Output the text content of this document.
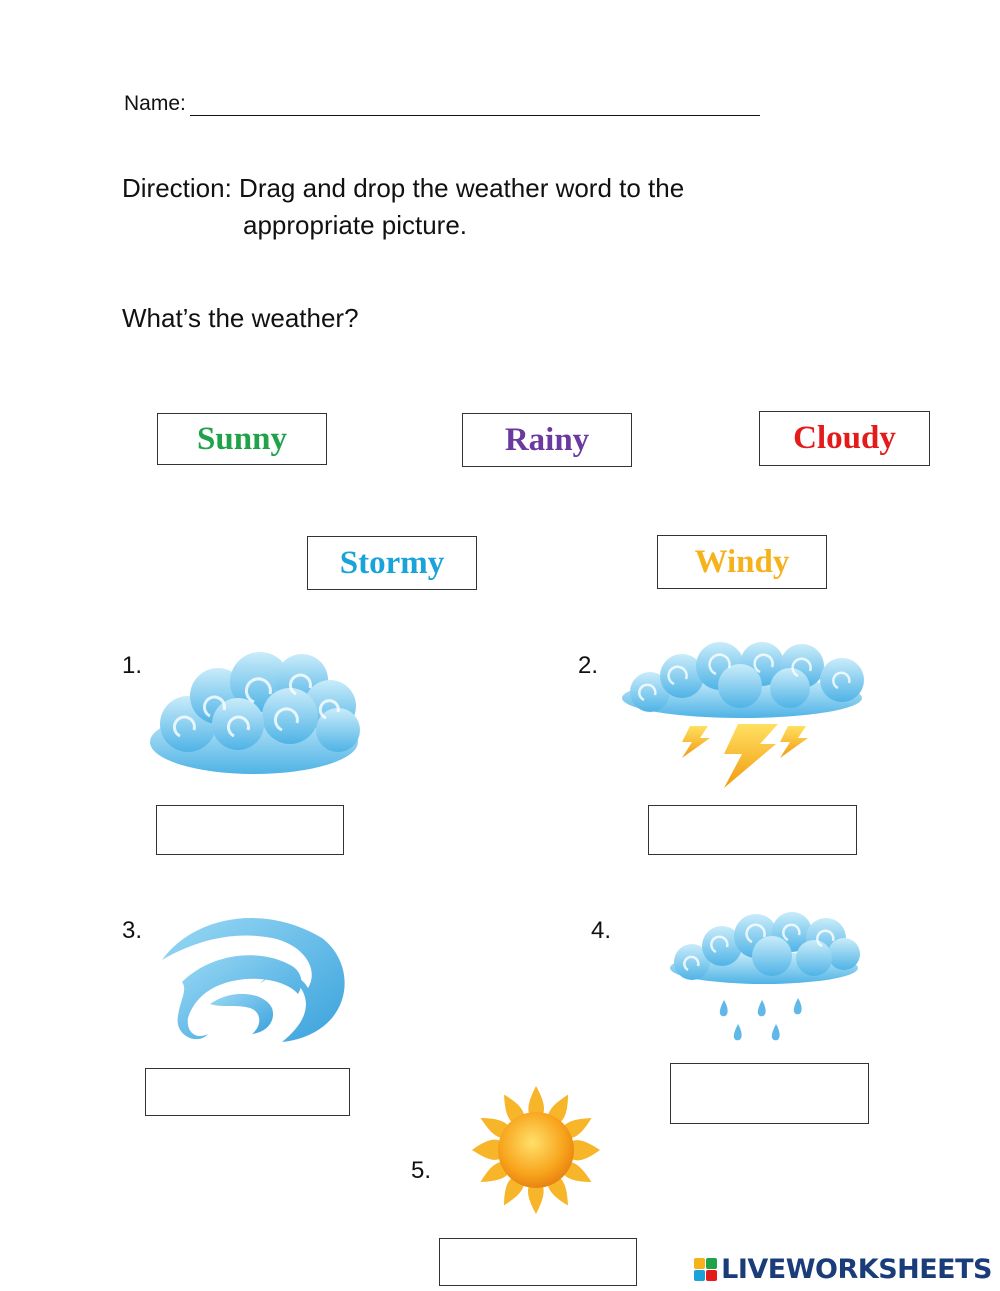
Name:
Direction: Drag and drop the weather word to the
appropriate picture.
What’s the weather?
Sunny	Rainy	Cloudy
Stormy	Windy
1.	2.
3.	4.
5.
LIVEWORKSHEETS
